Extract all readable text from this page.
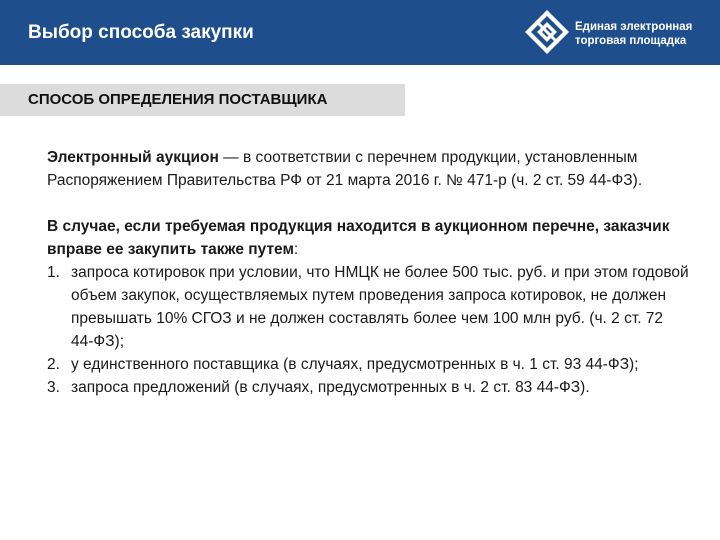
Выбор способа закупки	Единая электронная
торговая площадка
СПОСОБ ОПРЕДЕЛЕНИЯ ПОСТАВЩИКА

Электронный аукцион — в соответствии с перечнем продукции, установленным Распоряжением Правительства РФ от 21 марта 2016 г. № 471‑р (ч. 2 ст. 59 44‑ФЗ).

В случае, если требуемая продукция находится в аукционном перечне, заказчик вправе ее закупить также путем:

1. запроса котировок при условии, что НМЦК не более 500 тыс. руб. и при этом годовой объем закупок, осуществляемых путем проведения запроса котировок, не должен превышать 10% СГОЗ и не должен составлять более чем 100 млн руб. (ч. 2 ст. 72 44‑ФЗ);
2. у единственного поставщика (в случаях, предусмотренных в ч. 1 ст. 93 44‑ФЗ);
3. запроса предложений (в случаях, предусмотренных в ч. 2 ст. 83 44‑ФЗ).
